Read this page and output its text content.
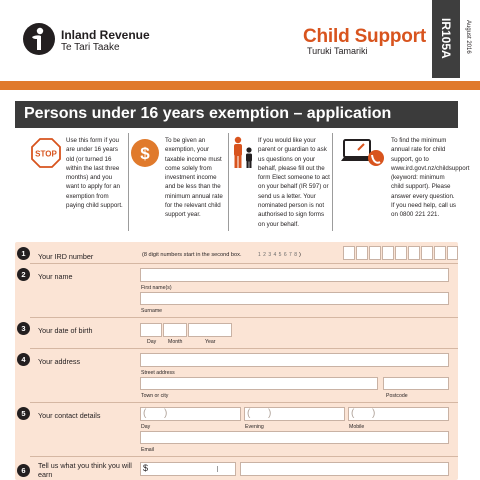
Inland Revenue
Te Tari Taake
Child Support
Turuki Tamariki	IR105A	August 2016
Persons under 16 years exemption – application
STOP
Use this form if you are under 16 years old (or turned 16 within the last three months) and you want to apply for an exemption from paying child support.
$
To be given an exemption, your taxable income must come solely from investment income and be less than the minimum annual rate for the relevant child support year.
If you would like your parent or guardian to ask us questions on your behalf, please fill out the form Elect someone to act on your behalf (IR 597) or send us a letter. Your nominated person is not authorised to sign forms on your behalf.
To find the minimum annual rate for child support, go to www.ird.govt.nz/childsupport (keyword: minimum child support). Please answer every question. If you need help, call us on 0800 221 221.
1	Your IRD number	(8 digit numbers start in the second box.	1 2 3 4 5 6 7 8 )
2	Your name
First name(s)
Surname
3	Your date of birth
Day Month	Year
4	Your address
Street address
Town or city	Postcode
5	Your contact details	( )	( )	( )
Day	Evening	Mobile
Email
6
Tell us what you think you will earn
$
